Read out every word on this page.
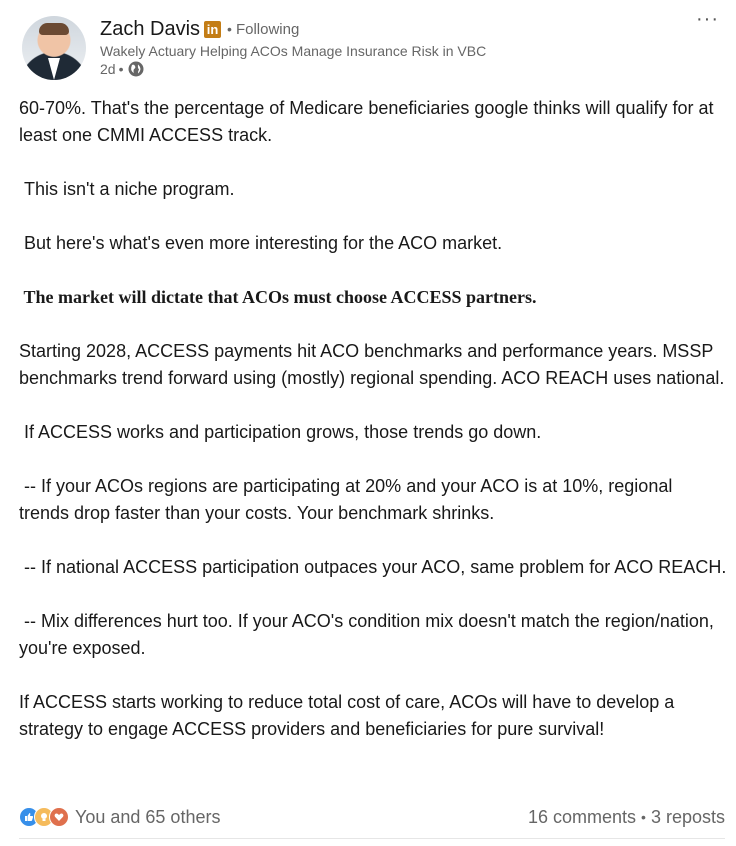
Zach Davis in • Following
Wakely Actuary Helping ACOs Manage Insurance Risk in VBC
2d •
···

60-70%. That's the percentage of Medicare beneficiaries google thinks will qualify for at least one CMMI ACCESS track.

This isn't a niche program.

But here's what's even more interesting for the ACO market.

The market will dictate that ACOs must choose ACCESS partners.

Starting 2028, ACCESS payments hit ACO benchmarks and performance years. MSSP benchmarks trend forward using (mostly) regional spending. ACO REACH uses national.

If ACCESS works and participation grows, those trends go down.

-- If your ACOs regions are participating at 20% and your ACO is at 10%, regional trends drop faster than your costs. Your benchmark shrinks.

-- If national ACCESS participation outpaces your ACO, same problem for ACO REACH.

-- Mix differences hurt too. If your ACO's condition mix doesn't match the region/nation, you're exposed.

If ACCESS starts working to reduce total cost of care, ACOs will have to develop a strategy to engage ACCESS providers and beneficiaries for pure survival!

You and 65 others	16 comments • 3 reposts
